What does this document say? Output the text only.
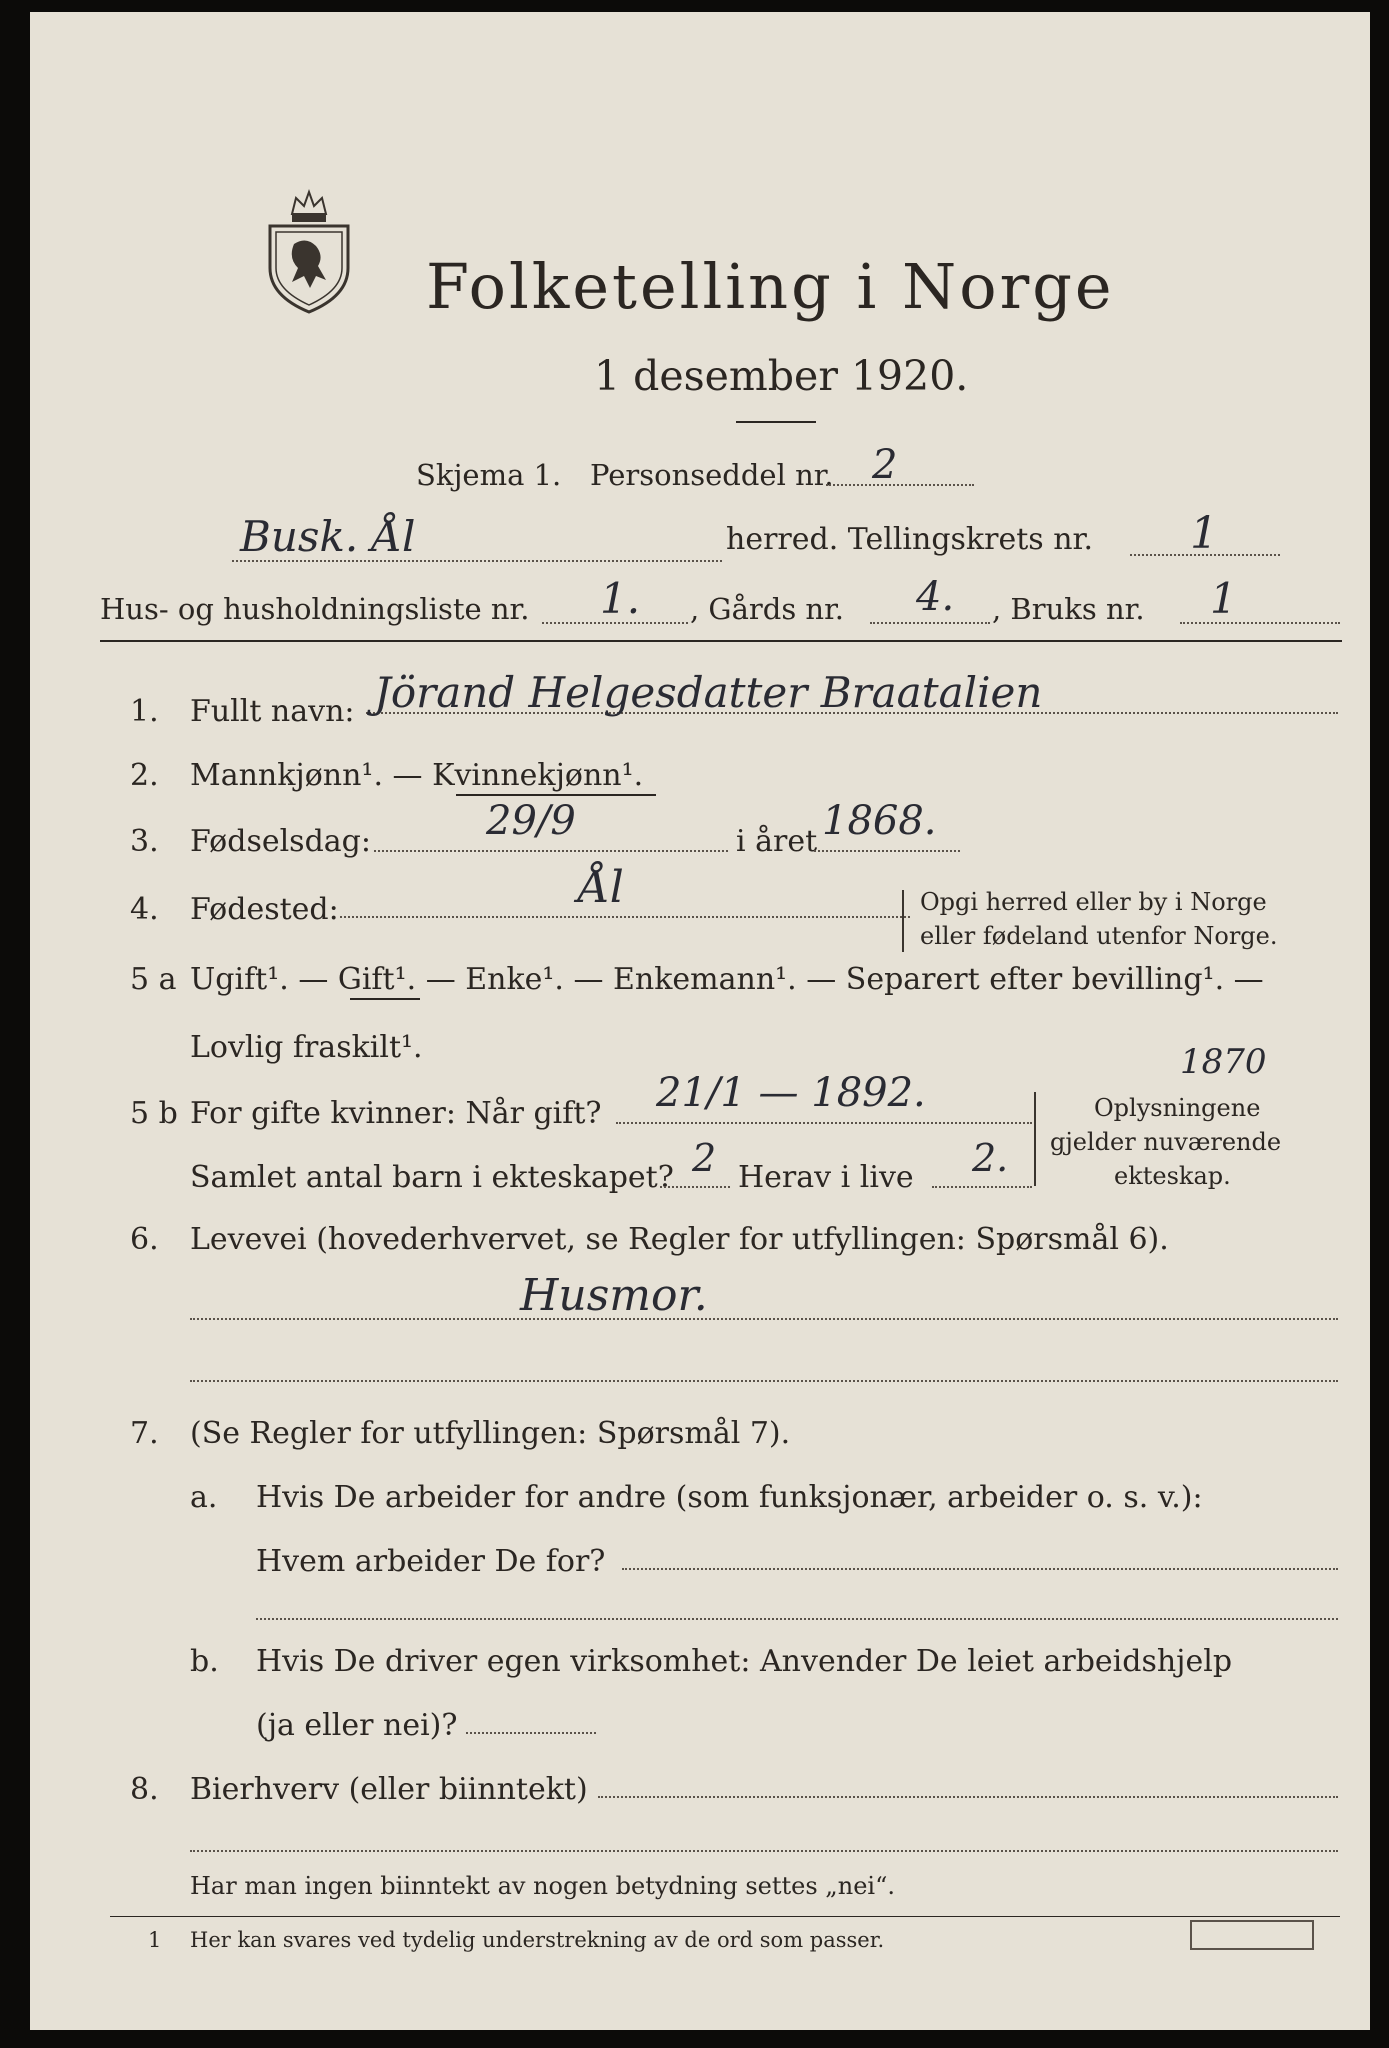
Folketelling i Norge
1 desember 1920.
Skjema 1. Personseddel nr. 2
Busk. Ål	herred. Tellingskrets nr. 1
Hus- og husholdningsliste nr. 1. , Gårds nr. 4. , Bruks nr. 1
1. Fullt navn: Jörand Helgesdatter Braatalien
2. Mannkjønn¹. — Kvinnekjønn¹.
3. Fødselsdag:	29/9	i året 1868.
4. Fødested:	Ål	Opgi herred eller by i Norge
eller fødeland utenfor Norge.
5 a Ugift¹. — Gift¹. — Enke¹. — Enkemann¹. — Separert efter bevilling¹. —
Lovlig fraskilt¹.	1870
5 b For gifte kvinner: Når gift? 21/1 — 1892.
Samlet antal barn i ekteskapet? 2 Herav i live 2.
Oplysningene
gjelder nuværende
ekteskap.
6. Levevei (hovederhvervet, se Regler for utfyllingen: Spørsmål 6).
Husmor.
7. (Se Regler for utfyllingen: Spørsmål 7).
a. Hvis De arbeider for andre (som funksjonær, arbeider o. s. v.):
Hvem arbeider De for?
b. Hvis De driver egen virksomhet: Anvender De leiet arbeidshjelp
(ja eller nei)?
8. Bierhverv (eller biinntekt)
Har man ingen biinntekt av nogen betydning settes „nei“.
1 Her kan svares ved tydelig understrekning av de ord som passer.
